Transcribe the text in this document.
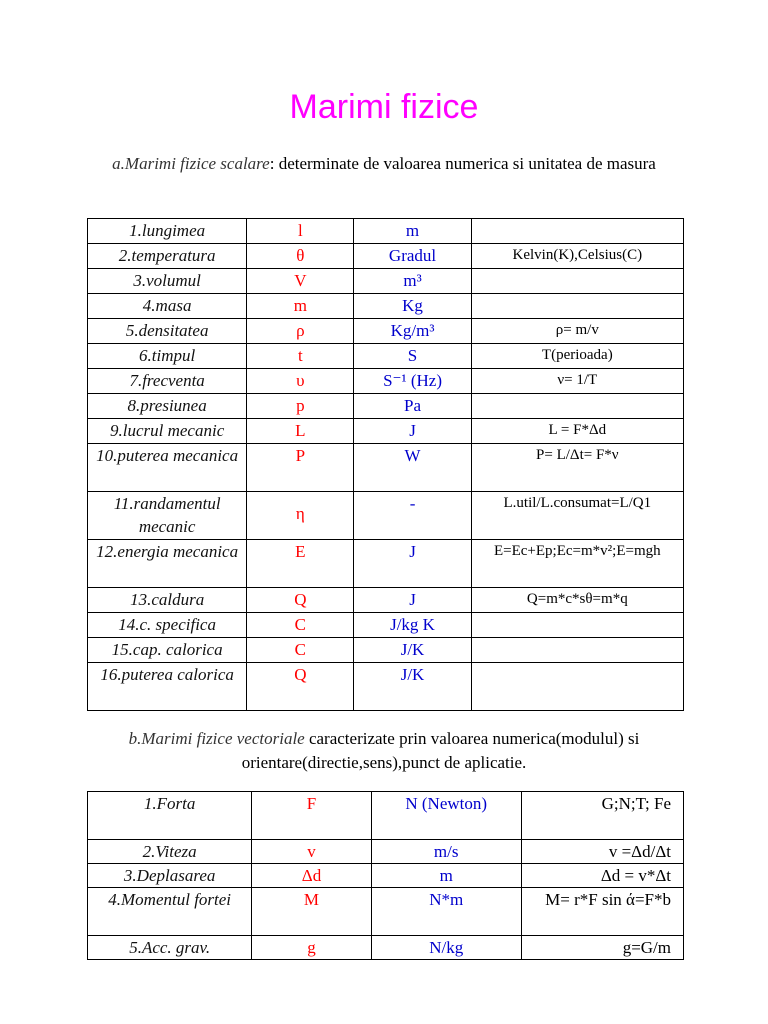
Marimi fizice
a.Marimi fizice scalare: determinate de valoarea numerica si unitatea de masura
1.lungimea	l	m	
2.temperatura	θ	Gradul	Kelvin(K),Celsius(C)
3.volumul	V	m³	
4.masa	m	Kg	
5.densitatea	ρ	Kg/m³	ρ= m/v
6.timpul	t	S	T(perioada)
7.frecventa	υ	S⁻¹ (Hz)	ν= 1/T
8.presiunea	p	Pa	
9.lucrul mecanic	L	J	L = F*Δd
10.puterea mecanica	P	W	P= L/Δt= F*ν
11.randamentul mecanic	η	-	L.util/L.consumat=L/Q1
12.energia mecanica	E	J	E=Ec+Ep;Ec=m*v²;E=mgh
13.caldura	Q	J	Q=m*c*sθ=m*q
14.c. specifica	C	J/kg K	
15.cap. calorica	C	J/K	
16.puterea calorica	Q	J/K	
b.Marimi fizice vectoriale caracterizate prin valoarea numerica(modulul) si orientare(directie,sens),punct de aplicatie.
1.Forta	F	N (Newton)	G;N;T; Fe
2.Viteza	v	m/s	v =Δd/Δt
3.Deplasarea	Δd	m	Δd = v*Δt
4.Momentul fortei	M	N*m	M= r*F sin ά=F*b
5.Acc. grav.	g	N/kg	g=G/m
